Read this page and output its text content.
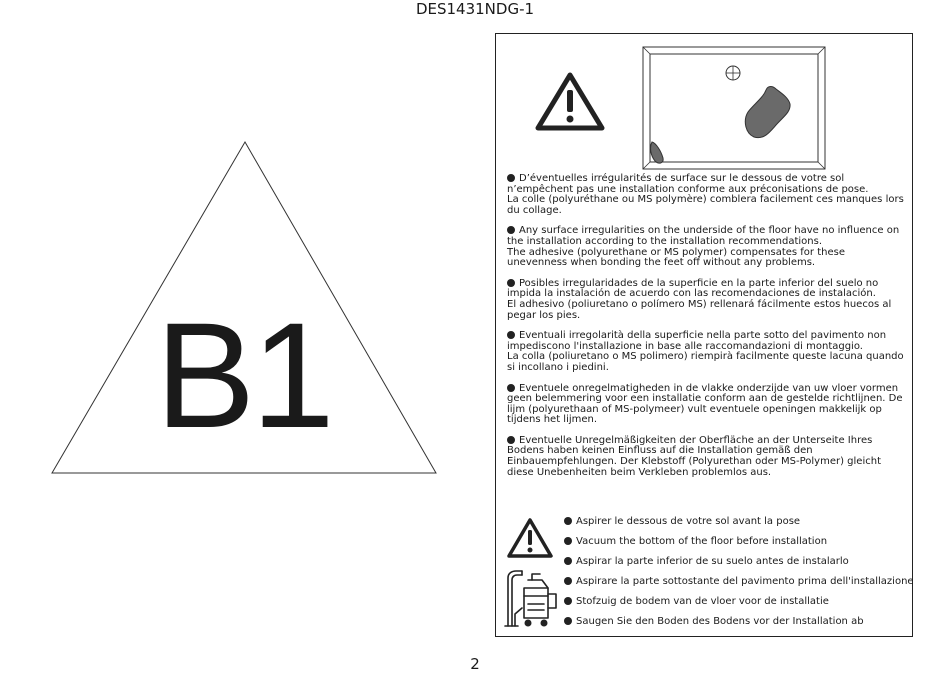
DES1431NDG-1
B1

D’éventuelles irrégularités de surface sur le dessous de votre sol

n’empêchent pas une installation conforme aux préconisations de pose.

La colle (polyuréthane ou MS polymère) comblera facilement ces manques lors

du collage.

Any surface irregularities on the underside of the floor have no influence on

the installation according to the installation recommendations.

The adhesive (polyurethane or MS polymer) compensates for these

unevenness when bonding the feet off without any problems.

Posibles irregularidades de la superficie en la parte inferior del suelo no

impida la instalación de acuerdo con las recomendaciones de instalación.

El adhesivo (poliuretano o polímero MS) rellenará fácilmente estos huecos al

pegar los pies.

Eventuali irregolarità della superficie nella parte sotto del pavimento non

impediscono l'installazione in base alle raccomandazioni di montaggio.

La colla (poliuretano o MS polimero) riempirà facilmente queste lacuna quando

si incollano i piedini.

Eventuele onregelmatigheden in de vlakke onderzijde van uw vloer vormen

geen belemmering voor een installatie conform aan de gestelde richtlijnen. De

lijm (polyurethaan of MS-polymeer) vult eventuele openingen makkelijk op

tijdens het lijmen.

Eventuelle Unregelmäßigkeiten der Oberfläche an der Unterseite Ihres

Bodens haben keinen Einfluss auf die Installation gemäß den

Einbauempfehlungen. Der Klebstoff (Polyurethan oder MS-Polymer) gleicht

diese Unebenheiten beim Verkleben problemlos aus.

Aspirer le dessous de votre sol avant la pose
Vacuum the bottom of the floor before installation
Aspirar la parte inferior de su suelo antes de instalarlo
Aspirare la parte sottostante del pavimento prima dell'installazione
Stofzuig de bodem van de vloer voor de installatie
Saugen Sie den Boden des Bodens vor der Installation ab
2
